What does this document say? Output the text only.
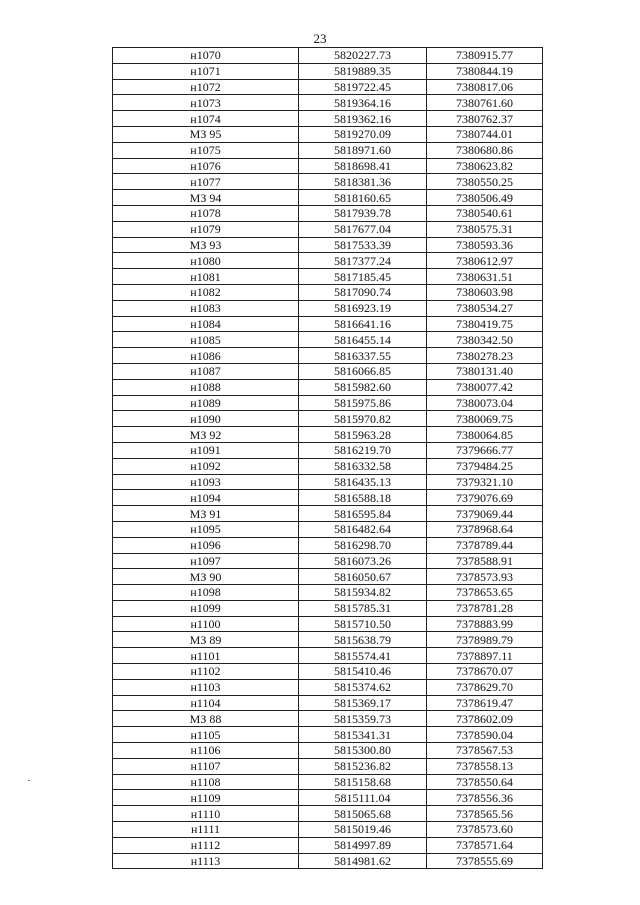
23
н1070	5820227.73	7380915.77
н1071	5819889.35	7380844.19
н1072	5819722.45	7380817.06
н1073	5819364.16	7380761.60
н1074	5819362.16	7380762.37
МЗ 95	5819270.09	7380744.01
н1075	5818971.60	7380680.86
н1076	5818698.41	7380623.82
н1077	5818381.36	7380550.25
МЗ 94	5818160.65	7380506.49
н1078	5817939.78	7380540.61
н1079	5817677.04	7380575.31
МЗ 93	5817533.39	7380593.36
н1080	5817377.24	7380612.97
н1081	5817185.45	7380631.51
н1082	5817090.74	7380603.98
н1083	5816923.19	7380534.27
н1084	5816641.16	7380419.75
н1085	5816455.14	7380342.50
н1086	5816337.55	7380278.23
н1087	5816066.85	7380131.40
н1088	5815982.60	7380077.42
н1089	5815975.86	7380073.04
н1090	5815970.82	7380069.75
МЗ 92	5815963.28	7380064.85
н1091	5816219.70	7379666.77
н1092	5816332.58	7379484.25
н1093	5816435.13	7379321.10
н1094	5816588.18	7379076.69
МЗ 91	5816595.84	7379069.44
н1095	5816482.64	7378968.64
н1096	5816298.70	7378789.44
н1097	5816073.26	7378588.91
МЗ 90	5816050.67	7378573.93
н1098	5815934.82	7378653.65
н1099	5815785.31	7378781.28
н1100	5815710.50	7378883.99
МЗ 89	5815638.79	7378989.79
н1101	5815574.41	7378897.11
н1102	5815410.46	7378670.07
н1103	5815374.62	7378629.70
н1104	5815369.17	7378619.47
МЗ 88	5815359.73	7378602.09
н1105	5815341.31	7378590.04
н1106	5815300.80	7378567.53
н1107	5815236.82	7378558.13
н1108	5815158.68	7378550.64
н1109	5815111.04	7378556.36
н1110	5815065.68	7378565.56
н1111	5815019.46	7378573.60
н1112	5814997.89	7378571.64
н1113	5814981.62	7378555.69
